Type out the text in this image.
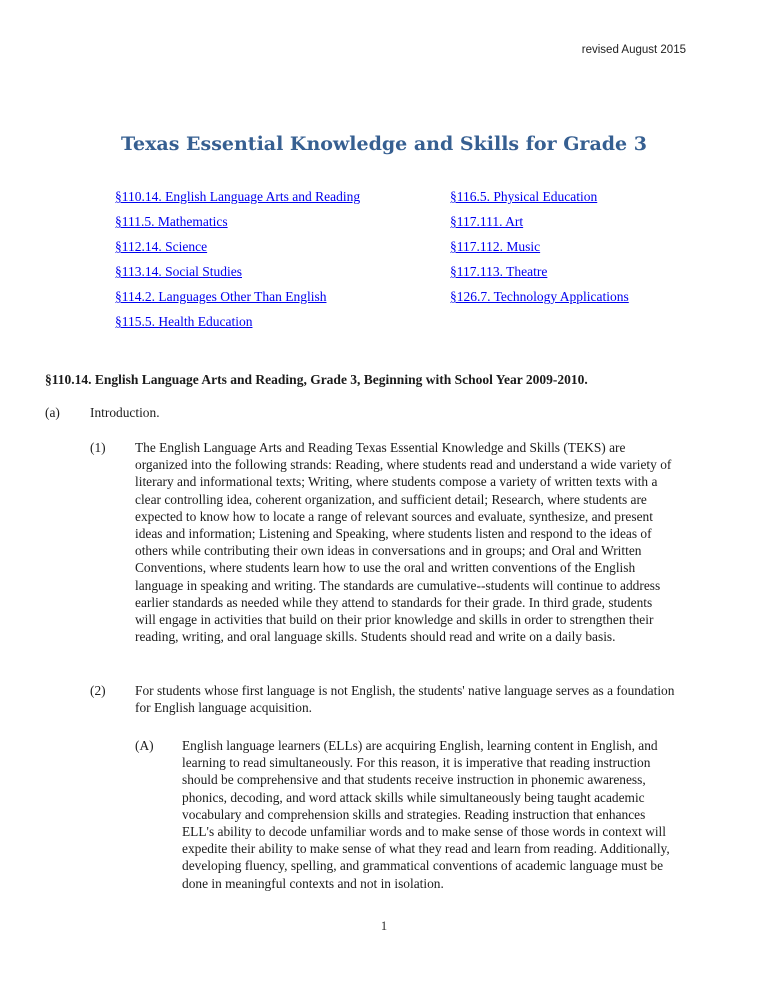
revised August 2015
Texas Essential Knowledge and Skills for Grade 3
§110.14. English Language Arts and Reading
§111.5. Mathematics
§112.14. Science
§113.14. Social Studies
§114.2. Languages Other Than English
§115.5. Health Education
§116.5. Physical Education
§117.111. Art
§117.112. Music
§117.113. Theatre
§126.7. Technology Applications
§110.14. English Language Arts and Reading, Grade 3, Beginning with School Year 2009-2010.
(a)	Introduction.
(1)	The English Language Arts and Reading Texas Essential Knowledge and Skills (TEKS) are organized into the following strands: Reading, where students read and understand a wide variety of literary and informational texts; Writing, where students compose a variety of written texts with a clear controlling idea, coherent organization, and sufficient detail; Research, where students are expected to know how to locate a range of relevant sources and evaluate, synthesize, and present ideas and information; Listening and Speaking, where students listen and respond to the ideas of others while contributing their own ideas in conversations and in groups; and Oral and Written Conventions, where students learn how to use the oral and written conventions of the English language in speaking and writing. The standards are cumulative--students will continue to address earlier standards as needed while they attend to standards for their grade. In third grade, students will engage in activities that build on their prior knowledge and skills in order to strengthen their reading, writing, and oral language skills. Students should read and write on a daily basis.
(2)	For students whose first language is not English, the students' native language serves as a foundation for English language acquisition.
(A)	English language learners (ELLs) are acquiring English, learning content in English, and learning to read simultaneously. For this reason, it is imperative that reading instruction should be comprehensive and that students receive instruction in phonemic awareness, phonics, decoding, and word attack skills while simultaneously being taught academic vocabulary and comprehension skills and strategies. Reading instruction that enhances ELL's ability to decode unfamiliar words and to make sense of those words in context will expedite their ability to make sense of what they read and learn from reading. Additionally, developing fluency, spelling, and grammatical conventions of academic language must be done in meaningful contexts and not in isolation.
1
